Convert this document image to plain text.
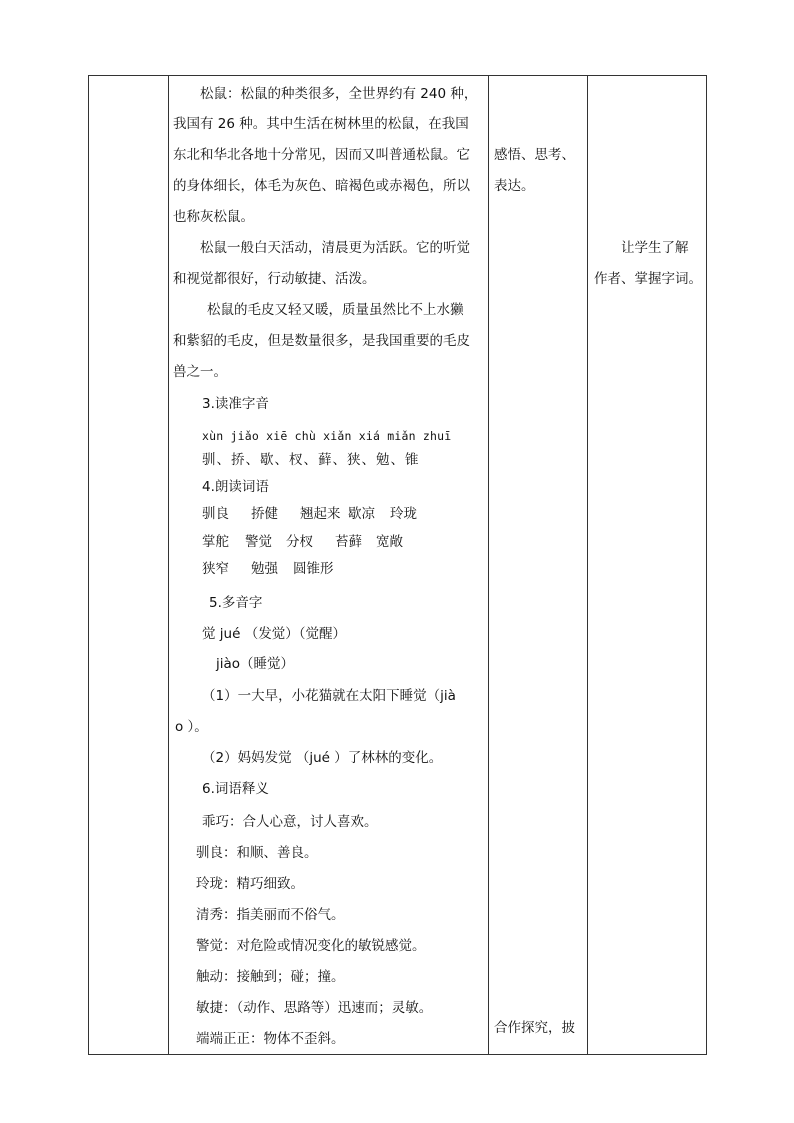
松鼠：松鼠的种类很多，全世界约有 240 种，
我国有 26 种。其中生活在树林里的松鼠，在我国
东北和华北各地十分常见，因而又叫普通松鼠。它
的身体细长，体毛为灰色、暗褐色或赤褐色，所以
也称灰松鼠。
松鼠一般白天活动，清晨更为活跃。它的听觉
和视觉都很好，行动敏捷、活泼。
松鼠的毛皮又轻又暖，质量虽然比不上水獭
和紫貂的毛皮，但是数量很多，是我国重要的毛皮
兽之一。
3.读准字音
xùn jiǎo xiē chù xiǎn xiá miǎn zhuī
驯、挢、歇、杈、藓、狭、勉、锥
4.朗读词语
驯良 挢健 翘起来 歇凉 玲珑
掌舵 警觉 分杈 苔藓 宽敞
狭窄 勉强 圆锥形
5.多音字
觉 jué （发觉）（觉醒）
jiào（睡觉）
（1）一大早，小花猫就在太阳下睡觉（jià
o ）。
（2）妈妈发觉 （jué ）了林林的变化。
6.词语释义
乖巧：合人心意，讨人喜欢。
驯良：和顺、善良。
玲珑：精巧细致。
清秀：指美丽而不俗气。
警觉：对危险或情况变化的敏锐感觉。
触动：接触到；碰；撞。
敏捷：（动作、思路等）迅速而；灵敏。
端端正正：物体不歪斜。
感悟、思考、
表达。
合作探究，披
让学生了解
作者、掌握字词。
